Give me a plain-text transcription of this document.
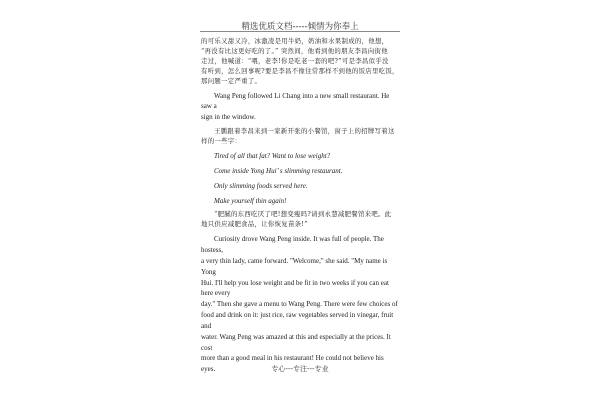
精选优质文档-----倾情为你奉上

的可乐又甜又冷，冰激凌是用牛奶，奶油和水果制成的，他想，

“再没有比这更好吃的了。” 突然间，他看到他的朋友李昌向街他

走过，他喊道：“喂，老李!你是吃老一套的吧?”可是李昌似乎没

有听到，怎么回事呢?要是李昌不像往常那样不到他的饭店里吃饭，

那问题一定严重了。

Wang Peng followed Li Chang into a new small restaurant. He saw a

sign in the window.

王鹏跟着李昌来到一家新开张的小餐馆，窗子上的招牌写着这

样的一些字：

Tired of all that fat? Want to lose weight?

Come inside Yong Hui’ s slimming restaurant.

Only slimming foods served here.

Make yourself thin again!

“肥腻的东西吃厌了吧!想变瘦吗?请到永慧减肥餐馆来吧。此

地只供应减肥食品，让你恢复苗条!”

Curiosity drove Wang Peng inside. It was full of people. The hostess,

a very thin lady, came forward. "Welcome," she said. "My name is Yong

Hui. I'll help you lose weight and be fit in two weeks if you can eat here every

day." Then she gave a menu to Wang Peng. There were few choices of

food and drink on it: just rice, raw vegetables served in vinegar, fruit and

water. Wang Peng was amazed at this and especially at the prices. It cost

more than a good meal in his restaurant! He could not believe his eyes.	专心---专注---专业
